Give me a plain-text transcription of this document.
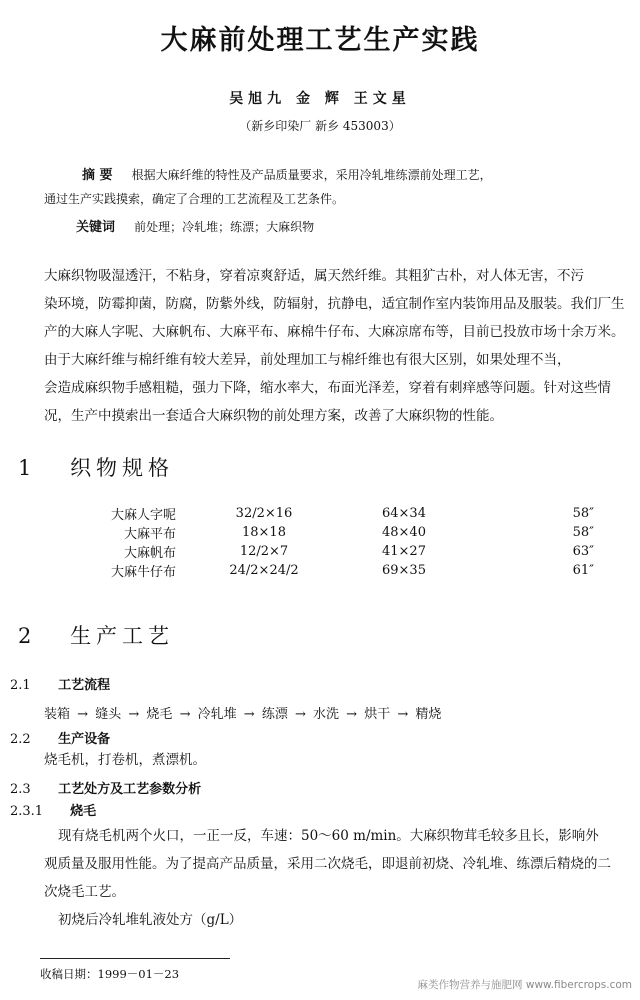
大麻前处理工艺生产实践
吴旭九 金 辉 王文星
（新乡印染厂 新乡 453003）
摘 要 根据大麻纤维的特性及产品质量要求，采用冷轧堆练漂前处理工艺，
通过生产实践摸索，确定了合理的工艺流程及工艺条件。
关键词 前处理；冷轧堆；练漂；大麻织物
大麻织物吸湿透汗，不粘身，穿着凉爽舒适，属天然纤维。其粗犷古朴，对人体无害，不污
染环境，防霉抑菌，防腐，防紫外线，防辐射，抗静电，适宜制作室内装饰用品及服装。我们厂生
产的大麻人字呢、大麻帆布、大麻平布、麻棉牛仔布、大麻凉席布等，目前已投放市场十余万米。
由于大麻纤维与棉纤维有较大差异，前处理加工与棉纤维也有很大区别，如果处理不当，
会造成麻织物手感粗糙，强力下降，缩水率大，布面光泽差，穿着有刺痒感等问题。针对这些情
况，生产中摸索出一套适合大麻织物的前处理方案，改善了大麻织物的性能。
1 织物规格
大麻人字呢	32/2×16	64×34	58″
大麻平布	18×18	48×40	58″
大麻帆布	12/2×7	41×27	63″
大麻牛仔布	24/2×24/2	69×35	61″
2 生产工艺
2.1 工艺流程
装箱 → 缝头 → 烧毛 → 冷轧堆 → 练漂 → 水洗 → 烘干 → 精烧
2.2 生产设备
烧毛机，打卷机，煮漂机。
2.3 工艺处方及工艺参数分析
2.3.1 烧毛
现有烧毛机两个火口，一正一反，车速：50～60 m/min。大麻织物茸毛较多且长，影响外
观质量及服用性能。为了提高产品质量，采用二次烧毛，即退前初烧、冷轧堆、练漂后精烧的二
次烧毛工艺。
初烧后冷轧堆轧液处方（g/L）
收稿日期：1999－01－23
麻类作物营养与施肥网 www.fibercrops.com
